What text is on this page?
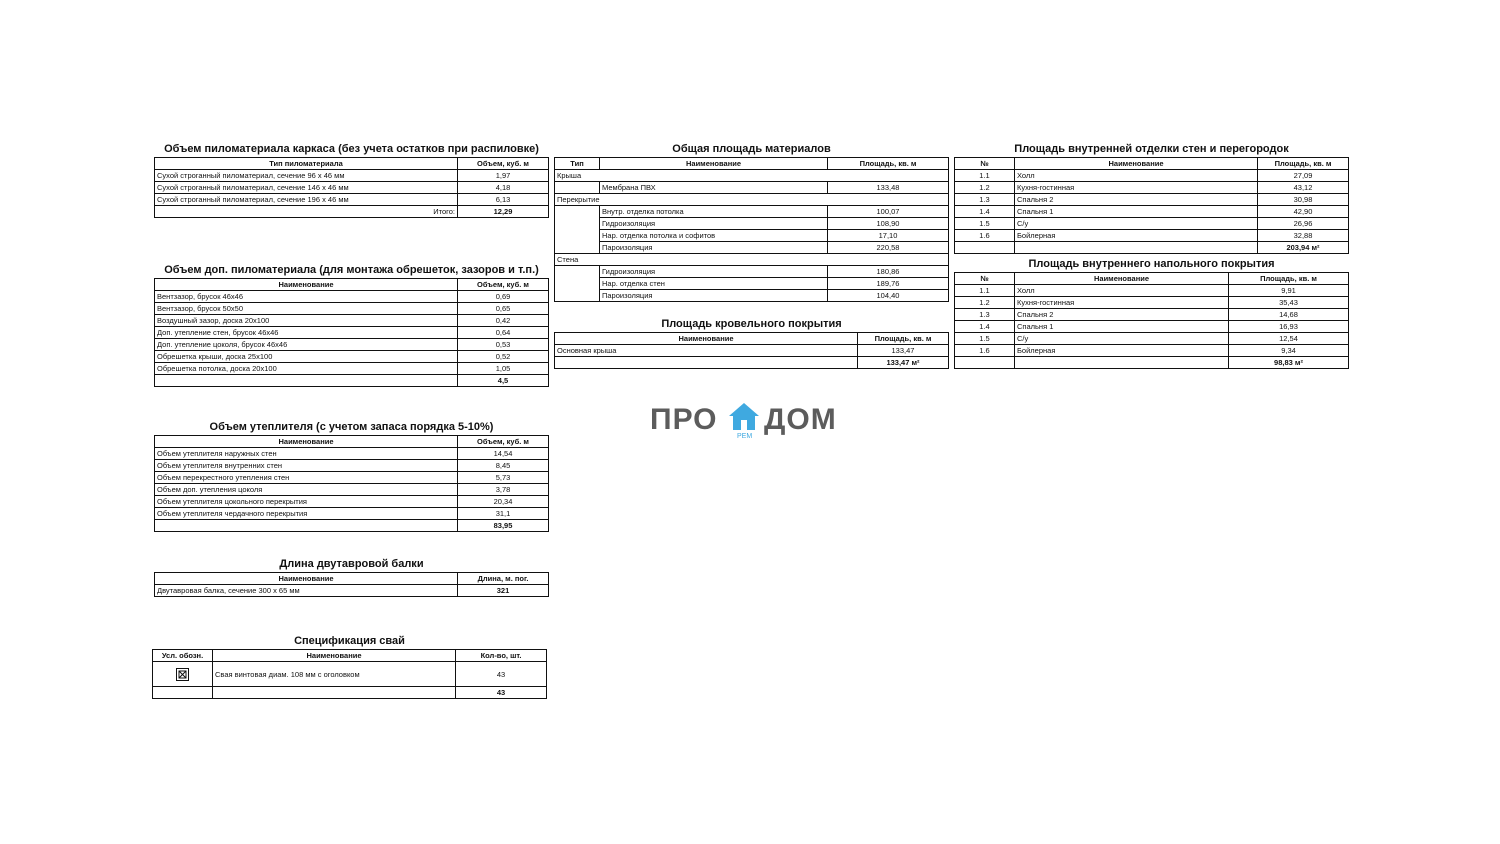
Объем пиломатериала каркаса (без учета остатков при распиловке)
Тип пиломатериала	Объем, куб. м
Сухой строганный пиломатериал, сечение 96 х 46 мм	1,97
Сухой строганный пиломатериал, сечение 146 х 46 мм	4,18
Сухой строганный пиломатериал, сечение 196 х 46 мм	6,13
Итого:	12,29
Объем доп. пиломатериала (для монтажа обрешеток, зазоров и т.п.)
Наименование	Объем, куб. м
Вентзазор, брусок 46х46	0,69
Вентзазор, брусок 50х50	0,65
Воздушный зазор, доска 20х100	0,42
Доп. утепление стен, брусок 46х46	0,64
Доп. утепление цоколя, брусок 46х46	0,53
Обрешетка крыши, доска 25х100	0,52
Обрешетка потолка, доска 20х100	1,05
	4,5
Объем утеплителя (с учетом запаса порядка 5-10%)
Наименование	Объем, куб. м
Объем утеплителя наружных стен	14,54
Объем утеплителя внутренних стен	8,45
Объем перекрестного утепления стен	5,73
Объем доп. утепления цоколя	3,78
Объем утеплителя цокольного перекрытия	20,34
Объем утеплителя чердачного перекрытия	31,1
	83,95
Длина двутавровой балки
Наименование	Длина, м. пог.
Двутавровая балка, сечение 300 х 65 мм	321
Спецификация свай
Усл. обозн.	Наименование	Кол-во, шт.

	Свая винтовая диам. 108 мм с оголовком	43
		43
Общая площадь материалов
Тип	Наименование	Площадь, кв. м
Крыша		
	Мембрана ПВХ	133,48
Перекрытие		
	Внутр. отделка потолка	100,07
	Гидроизоляция	108,90
	Нар. отделка потолка и софитов	17,10
	Пароизоляция	220,58
Стена		
	Гидроизоляция	180,86
	Нар. отделка стен	189,76
	Пароизоляция	104,40
Площадь кровельного покрытия
Наименование	Площадь, кв. м
Основная крыша	133,47
	133,47 м²
Площадь внутренней отделки стен и перегородок
№	Наименование	Площадь, кв. м
1.1	Холл	27,09
1.2	Кухня-гостинная	43,12
1.3	Спальня 2	30,98
1.4	Спальня 1	42,90
1.5	С/у	26,96
1.6	Бойлерная	32,88
		203,94 м²
Площадь внутреннего напольного покрытия
№	Наименование	Площадь, кв. м
1.1	Холл	9,91
1.2	Кухня-гостинная	35,43
1.3	Спальня 2	14,68
1.4	Спальня 1	16,93
1.5	С/у	12,54
1.6	Бойлерная	9,34
		98,83 м²
ПРО
РЕМ
ДОМ
